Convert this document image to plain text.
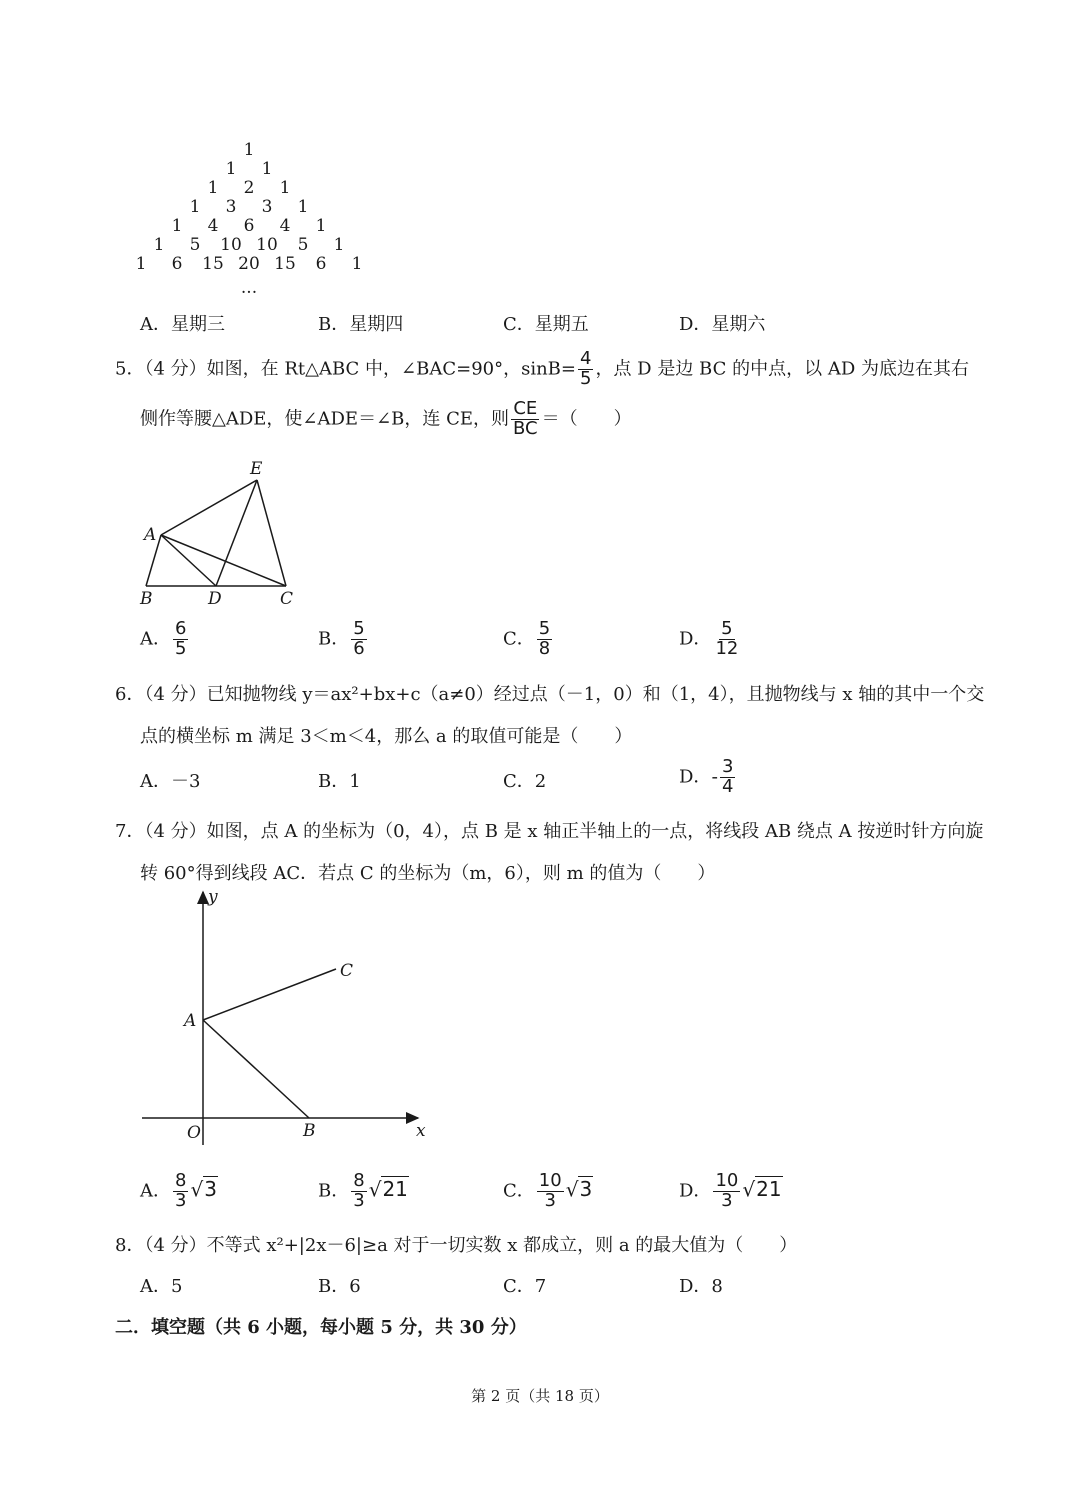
1
1	1
1	2	1
1	3	3	1
1	4	6	4	1
1	5	10 10	5	1
1	6	15 20 15	6	1
...
A．星期三	B．星期四	C．星期五	D．星期六
5．（4 分）如图，在 Rt△ABC 中，∠BAC=90°，$\sin B= \frac{4}{5}$ ，点 D 是边 BC 的中点，以 AD 为底边在其右
侧作等腰△ADE，使∠ADE＝∠B，连 CE，则 $\frac{CE}{BC}$ ＝（　　）
E
A
B	D	C
A． $\frac{6}{5}$	B． $\frac{5}{6}$	C． $\frac{5}{8}$	D． $\frac{5}{12}$
6．（4 分）已知抛物线 y＝ax²+bx+c（a≠0）经过点（－1，0）和（1，4），且抛物线与 x 轴的其中一个交
点的横坐标 m 满足 3＜m＜4，那么 a 的取值可能是（　　）
A．－3	B．1	C．2	D．- $\frac{3}{4}$
7．（4 分）如图，点 A 的坐标为（0，4），点 B 是 x 轴正半轴上的一点，将线段 AB 绕点 A 按逆时针方向旋
转 60°得到线段 AC．若点 C 的坐标为（m，6），则 m 的值为（　　）
y
x
O
A
B
C
A． $\frac{8}{3} √3$	B． $\frac{8}{3} √21$	C． $\frac{10}{3} √3$	D． $\frac{10}{3} √21$
8．（4 分）不等式 x²+|2x－6|≥a 对于一切实数 x 都成立，则 a 的最大值为（　　）
A．5	B．6	C．7	D．8
二．填空题（共 6 小题，每小题 5 分，共 30 分）
第 2 页（共 18 页）
